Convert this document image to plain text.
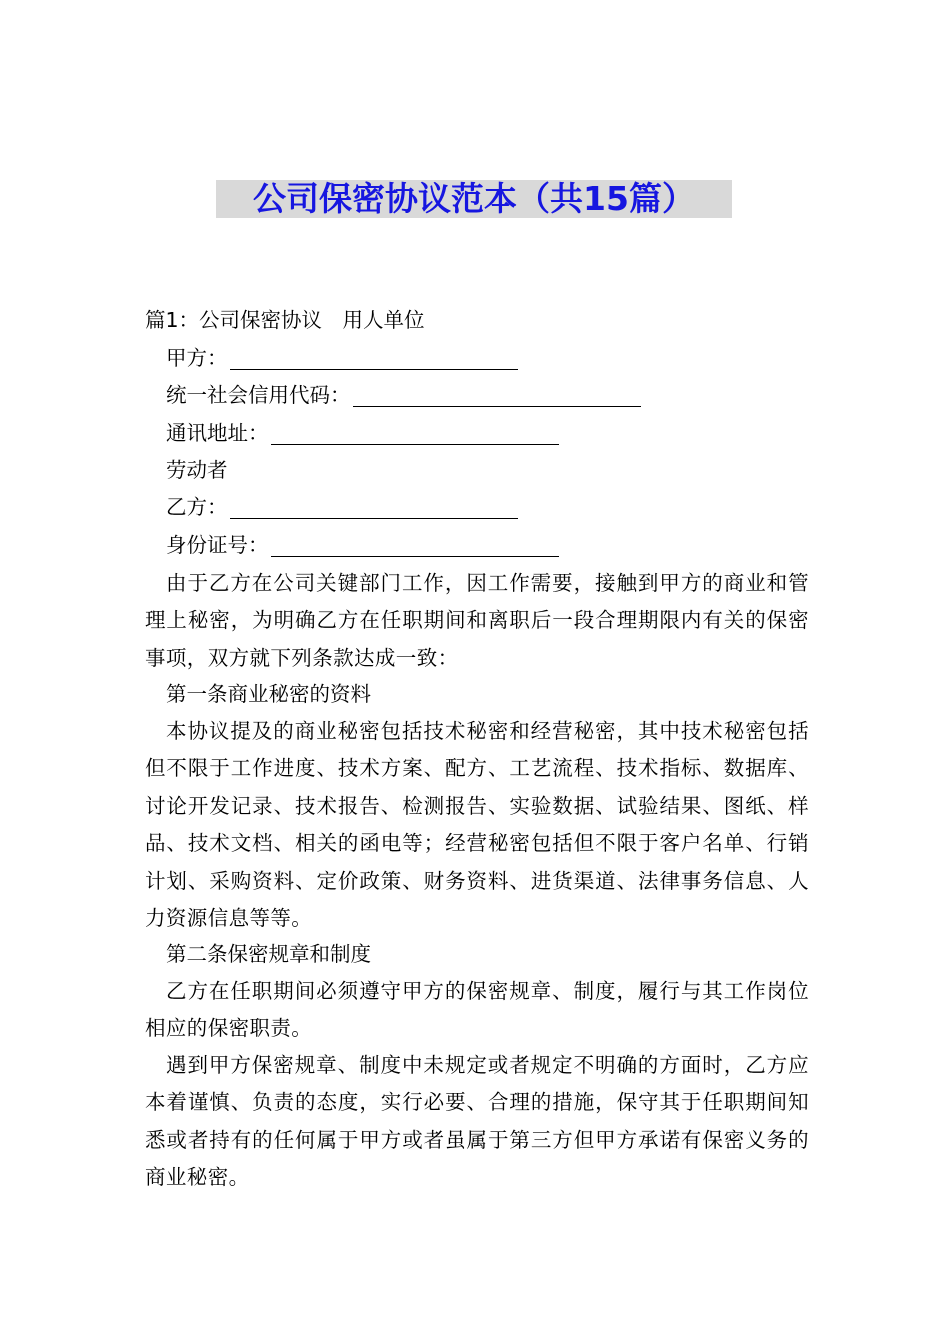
公司保密协议范本（共15篇）
篇1：公司保密协议　用人单位
甲方：
统一社会信用代码：
通讯地址：
劳动者
乙方：
身份证号：
由于乙方在公司关键部门工作，因工作需要，接触到甲方的商业和管理上秘密，为明确乙方在任职期间和离职后一段合理期限内有关的保密事项，双方就下列条款达成一致：
第一条商业秘密的资料
本协议提及的商业秘密包括技术秘密和经营秘密，其中技术秘密包括但不限于工作进度、技术方案、配方、工艺流程、技术指标、数据库、讨论开发记录、技术报告、检测报告、实验数据、试验结果、图纸、样品、技术文档、相关的函电等；经营秘密包括但不限于客户名单、行销计划、采购资料、定价政策、财务资料、进货渠道、法律事务信息、人力资源信息等等。
第二条保密规章和制度
乙方在任职期间必须遵守甲方的保密规章、制度，履行与其工作岗位相应的保密职责。
遇到甲方保密规章、制度中未规定或者规定不明确的方面时，乙方应本着谨慎、负责的态度，实行必要、合理的措施，保守其于任职期间知悉或者持有的任何属于甲方或者虽属于第三方但甲方承诺有保密义务的商业秘密。
